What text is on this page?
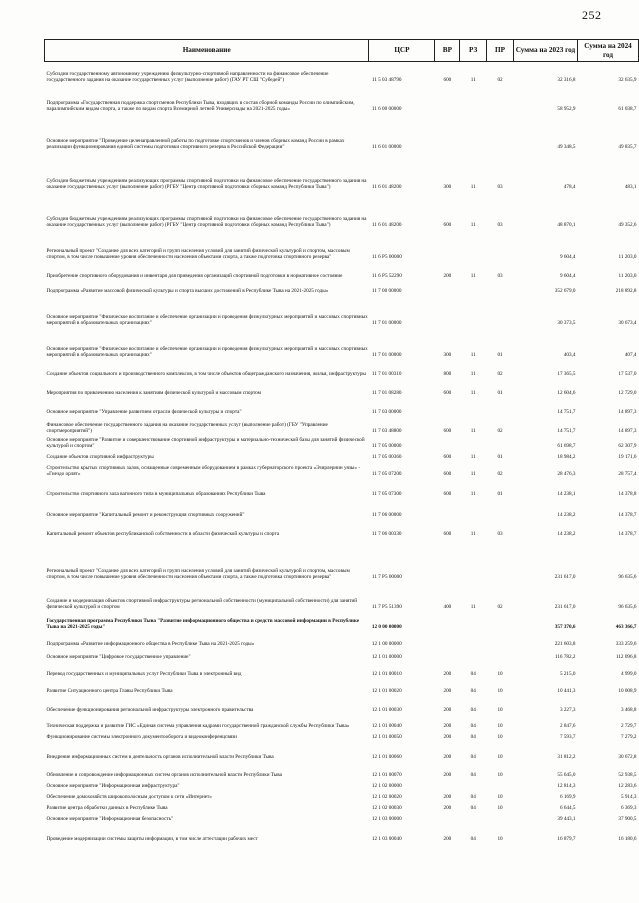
252
Наименование	ЦСР	ВР	РЗ	ПР	Сумма на 2023 год	Сумма на 2024 год
Субсидии государственному автономному учреждению физкультурно-спортивной направленности на финансовое обеспечение государственного задания на оказание государственных услуг (выполнение работ) (ГАУ РТ СШ "Субедей")	11 5 03 48790	600	11	02	32 316,8	32 635,9
Подпрограмма «Государственная поддержка спортсменов Республики Тыва, входящих в состав сборной команды России по олимпийским, паралимпийским видам спорта, а также по видам спорта Всемирной летней Универсиады на 2021-2025 годы»	11 6 00 00000				58 952,9	61 038,7
Основное мероприятие "Проведение целенаправленной работы по подготовке спортсменов и членов сборных команд России в рамках реализации функционирования единой системы подготовки спортивного резерва в Российской Федерации"	11 6 01 00000				49 348,5	49 835,7
Субсидии бюджетным учреждениям реализующих программы спортивной подготовки на финансовое обеспечение государственного задания на оказание государственных услуг (выполнение работ) (РГБУ "Центр спортивной подготовки сборных команд Республики Тыва")	11 6 01 48200	300	11	03	478,4	483,1
Субсидии бюджетным учреждениям реализующих программы спортивной подготовки на финансовое обеспечение государственного задания на оказание государственных услуг (выполнение работ) (РГБУ "Центр спортивной подготовки сборных команд Республики Тыва")	11 6 01 48200	600	11	03	48 870,1	49 352,6
Региональный проект "Создание для всех категорий и групп населения условий для занятий физической культурой и спортом, массовым спортом, в том числе повышение уровня обеспеченности населения объектами спорта, а также подготовка спортивного резерва"	11 6 P5 00000				9 604,4	11 203,0
Приобретение спортивного оборудования и инвентаря для приведения организаций спортивной подготовки в нормативное состояние	11 6 P5 52290	200	11	03	9 604,4	11 203,0
Подпрограмма «Развитие массовой физической культуры и спорта высших достижений в Республике Тыва на 2021-2025 годы»	11 7 00 00000				352 679,0	218 892,8
Основное мероприятие "Физическое воспитание и обеспечение организации и проведения физкультурных мероприятий и массовых спортивных мероприятий в образовательных организациях"	11 7 01 00000				30 373,5	30 673,4
Основное мероприятие "Физическое воспитание и обеспечение организации и проведения физкультурных мероприятий и массовых спортивных мероприятий в образовательных организациях"	11 7 01 00000	300	11	01	403,4	407,4
Создание объектов социального и производственного комплексов, в том числе объектов общегражданского назначения, жилья, инфраструктуры	11 7 01 00310	800	11	02	17 365,5	17 537,0
Мероприятия по привлечению населения к занятиям физической культурой и массовым спортом	11 7 01 08280	600	11	01	12 604,6	12 729,0
Основное мероприятие "Управление развитием отрасли физической культуры и спорта"	11 7 03 00000				14 751,7	14 897,3
Финансовое обеспечение государственного задания на оказание государственных услуг (выполнение работ) (ГБУ "Управление спортмероприятий")	11 7 03 48800	600	11	02	14 751,7	14 897,3
Основное мероприятие "Развитие и совершенствование спортивной инфраструктуры и материально-технической базы для занятий физической культурой и спортом"	11 7 05 00000				61 698,7	62 307,9
Создание объектов спортивной инфраструктуры	11 7 05 00360	600	11	01	18 984,2	19 171,6
Строительство крытых спортивных залов, оснащенные современным оборудованием в рамках губернаторского проекта «Эзирлернин уязы» - «Гнездо орлят»	11 7 05 07200	600	11	02	28 476,3	28 757,4
Строительство спортивного зала вагонного типа в муниципальных образованиях Республики Тыва	11 7 05 07300	600	11	01	14 238,1	14 378,8
Основное мероприятие "Капитальный ремонт и реконструкция спортивных сооружений"	11 7 06 00000				14 238,2	14 378,7
Капитальный ремонт объектов республиканской собственности в области физической культуры и спорта	11 7 06 00330	600	11	03	14 238,2	14 378,7
Региональный проект "Создание для всех категорий и групп населения условий для занятий физической культурой и спортом, массовым спортом, в том числе повышение уровня обеспеченности населения объектами спорта, а также подготовка спортивного резерва"	11 7 P5 00000				231 617,0	96 635,6
Создание и модернизация объектов спортивной инфраструктуры региональной собственности (муниципальной собственности) для занятий физической культурой и спортом	11 7 P5 51390	400	11	02	231 617,0	96 635,6
Государственная программа Республики Тыва "Развитие информационного общества и средств массовой информации в Республике Тыва на 2021-2025 годы"	12 0 00 00000				357 370,6	463 366,7
Подпрограмма «Развитие информационного общества в Республике Тыва на 2021-2025 годы»	12 1 00 00000				221 603,8	333 259,6
Основное мероприятие "Цифровое государственное управление"	12 1 01 00000				116 782,2	112 096,8
Перевод государственных и муниципальных услуг Республики Тыва в электронный вид	12 1 01 00010	200	04	10	5 215,0	4 999,0
Развитие Ситуационного центра Главы Республики Тыва	12 1 01 00020	200	04	10	10 441,3	10 008,9
Обеспечение функционирования региональной инфраструктуры электронного правительства	12 1 01 00030	200	04	10	3 227,3	3 468,8
Техническая поддержка и развитие ГИС «Единая система управления кадрами государственной гражданской службы Республики Тыва»	12 1 01 00040	200	04	10	2 847,6	2 729,7
Функционирование системы электронного документооборота и видеоконференцсвязи	12 1 01 00050	200	04	10	7 593,7	7 279,2
Внедрение информационных систем в деятельность органов исполнительной власти Республики Тыва	12 1 01 00060	200	04	10	31 812,2	30 672,8
Обновление и сопровождение информационных систем органов исполнительной власти Республики Тыва	12 1 01 00070	200	04	10	55 645,0	52 938,5
Основное мероприятие "Информационная инфраструктура"	12 1 02 00000				12 814,3	12 283,6
Обеспечение домохозяйств широкополосным доступом к сети «Интернет»	12 1 02 00020	200	04	10	6 169,9	5 914,3
Развитие центра обработки данных в Республике Тыва	12 1 02 00030	200	04	10	6 644,5	6 369,3
Основное мероприятие "Информационная безопасность"	12 1 03 00000				39 443,1	37 900,5
Проведение модернизации системы защиты информации, в том числе аттестации рабочих мест	12 1 03 00040	200	04	10	16 879,7	16 180,6
